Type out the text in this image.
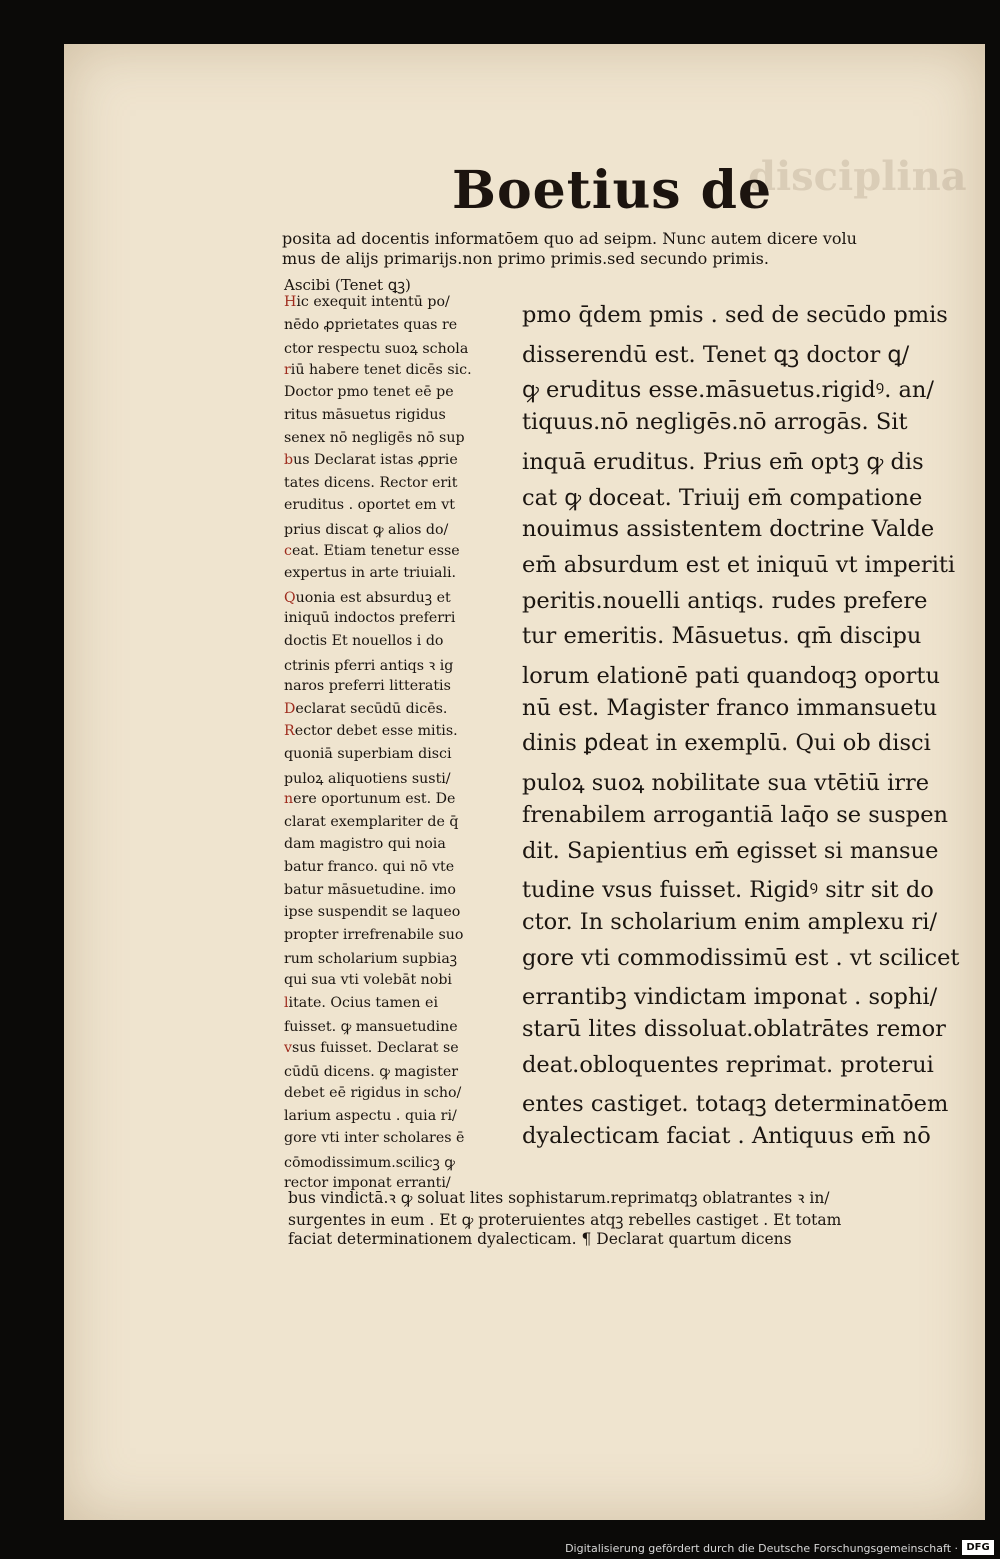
disciplina
Boetius de
posita ad docentis informatōem quo ad seipm. Nunc autem dicere volu
mus de alijs primarijs.non primo primis.sed secundo primis.
Ascibi (Tenet ꝗꝫ)
Hic exequit intentū po/
nēdo ꝓprietates quas re
ctor respectu suoꝝ schola
riū habere tenet dicēs sic.
Doctor pmo tenet eē pe
ritus māsuetus rigidus
senex nō negligēs nō sup
bus Declarat istas ꝓprie
tates dicens. Rector erit
eruditus . oportet em vt
prius discat ꝙ alios do/
ceat. Etiam tenetur esse
expertus in arte triuiali.
Quonia est absurduꝫ et
iniquū indoctos preferri
doctis Et nouellos i do
ctrinis pferri antiqs ꝛ ig
naros preferri litteratis
Declarat secūdū dicēs.
Rector debet esse mitis.
quoniā superbiam disci
puloꝝ aliquotiens susti/
nere oportunum est. De
clarat exemplariter de q̄
dam magistro qui noia
batur franco. qui nō vte
batur māsuetudine. imo
ipse suspendit se laqueo
propter irrefrenabile suo
rum scholarium supbiaꝫ
qui sua vti volebāt nobi
litate. Ocius tamen ei
fuisset. ꝙ mansuetudine
vsus fuisset. Declarat se
cūdū dicens. ꝙ magister
debet eē rigidus in scho/
larium aspectu . quia ri/
gore vti inter scholares ē
cōmodissimum.scilicꝫ ꝙ
rector imponat erranti/
pmo q̄dem pmis . sed de secūdo pmis
disserendū est. Tenet ꝗꝫ doctor ꝗ/
ꝙ eruditus esse.māsuetus.rigidꝰ. an/
tiquus.nō negligēs.nō arrogās. Sit
inquā eruditus. Prius em̄ optꝫ ꝙ dis
cat ꝙ doceat. Triuij em̄ compatione
nouimus assistentem doctrine Valde
em̄ absurdum est et iniquū vt imperiti
peritis.nouelli antiqs. rudes prefere
tur emeritis. Māsuetus. qm̄ discipu
lorum elationē pati quandoqꝫ oportu
nū est. Magister franco immansuetu
dinis ꝑdeat in exemplū. Qui ob disci
puloꝝ suoꝝ nobilitate sua vtētiū irre
frenabilem arrogantiā laq̄o se suspen
dit. Sapientius em̄ egisset si mansue
tudine vsus fuisset. Rigidꝰ sitr sit do
ctor. In scholarium enim amplexu ri/
gore vti commodissimū est . vt scilicet
errantibꝫ vindictam imponat . sophi/
starū lites dissoluat.oblatrātes remor
deat.obloquentes reprimat. proterui
entes castiget. totaqꝫ determinatōem
dyalecticam faciat . Antiquus em̄ nō
bus vindictā.ꝛ ꝙ soluat lites sophistarum.reprimatqꝫ oblatrantes ꝛ in/
surgentes in eum . Et ꝙ proteruientes atqꝫ rebelles castiget . Et totam
faciat determinationem dyalecticam. ¶ Declarat quartum dicens
Digitalisierung gefördert durch die Deutsche Forschungsgemeinschaft · DFG
